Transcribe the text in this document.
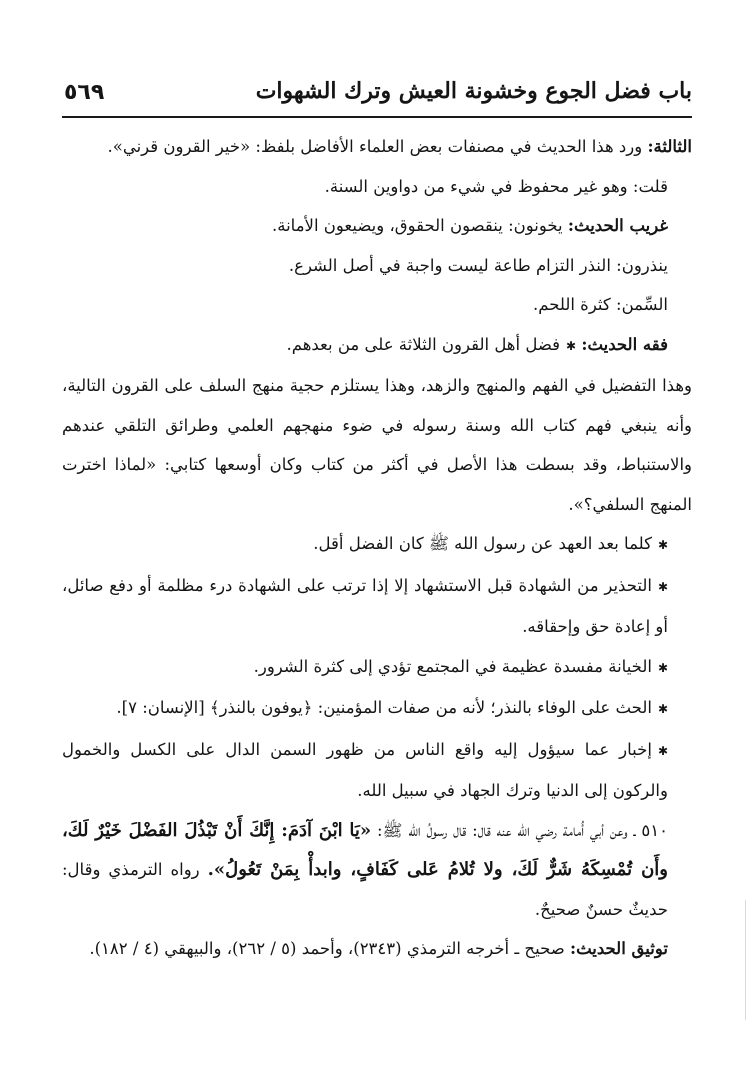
٥٦٩	باب فضل الجوع وخشونة العيش وترك الشهوات

الثالثة: ورد هذا الحديث في مصنفات بعض العلماء الأفاضل بلفظ: «خير القرون قرني».

قلت: وهو غير محفوظ في شيء من دواوين السنة.

غريب الحديث: يخونون: ينقصون الحقوق، ويضيعون الأمانة.

ينذرون: النذر التزام طاعة ليست واجبة في أصل الشرع.

السِّمن: كثرة اللحم.

فقه الحديث: ✱ فضل أهل القرون الثلاثة على من بعدهم.

وهذا التفضيل في الفهم والمنهج والزهد، وهذا يستلزم حجية منهج السلف على القرون التالية، وأنه ينبغي فهم كتاب الله وسنة رسوله في ضوء منهجهم العلمي وطرائق التلقي عندهم والاستنباط، وقد بسطت هذا الأصل في أكثر من كتاب وكان أوسعها كتابي: «لماذا اخترت المنهج السلفي؟».

✱ كلما بعد العهد عن رسول الله ﷺ كان الفضل أقل.

✱ التحذير من الشهادة قبل الاستشهاد إلا إذا ترتب على الشهادة درء مظلمة أو دفع صائل، أو إعادة حق وإحقاقه.

✱ الخيانة مفسدة عظيمة في المجتمع تؤدي إلى كثرة الشرور.

✱ الحث على الوفاء بالنذر؛ لأنه من صفات المؤمنين: ﴿يوفون بالنذر﴾ [الإنسان: ٧].

✱ إخبار عما سيؤول إليه واقع الناس من ظهور السمن الدال على الكسل والخمول والركون إلى الدنيا وترك الجهاد في سبيل الله.

٥١٠ ـ وعن أبي أُمامة رضي الله عنه قال: قال رسولُ الله ﷺ: «يَا ابْنَ آدَمَ: إِنَّكَ أَنْ تَبْذُلَ الفَضْلَ خَيْرٌ لَكَ، وأَن تُمْسِكَهُ شَرٌّ لَكَ، ولا تُلامُ عَلى كَفَافٍ، وابدأْ بِمَنْ تَعُولُ». رواه الترمذي وقال: حديثٌ حسنٌ صحيحٌ.

توثيق الحديث: صحيح ـ أخرجه الترمذي (٢٣٤٣)، وأحمد (٥ / ٢٦٢)، والبيهقي (٤ / ١٨٢).
